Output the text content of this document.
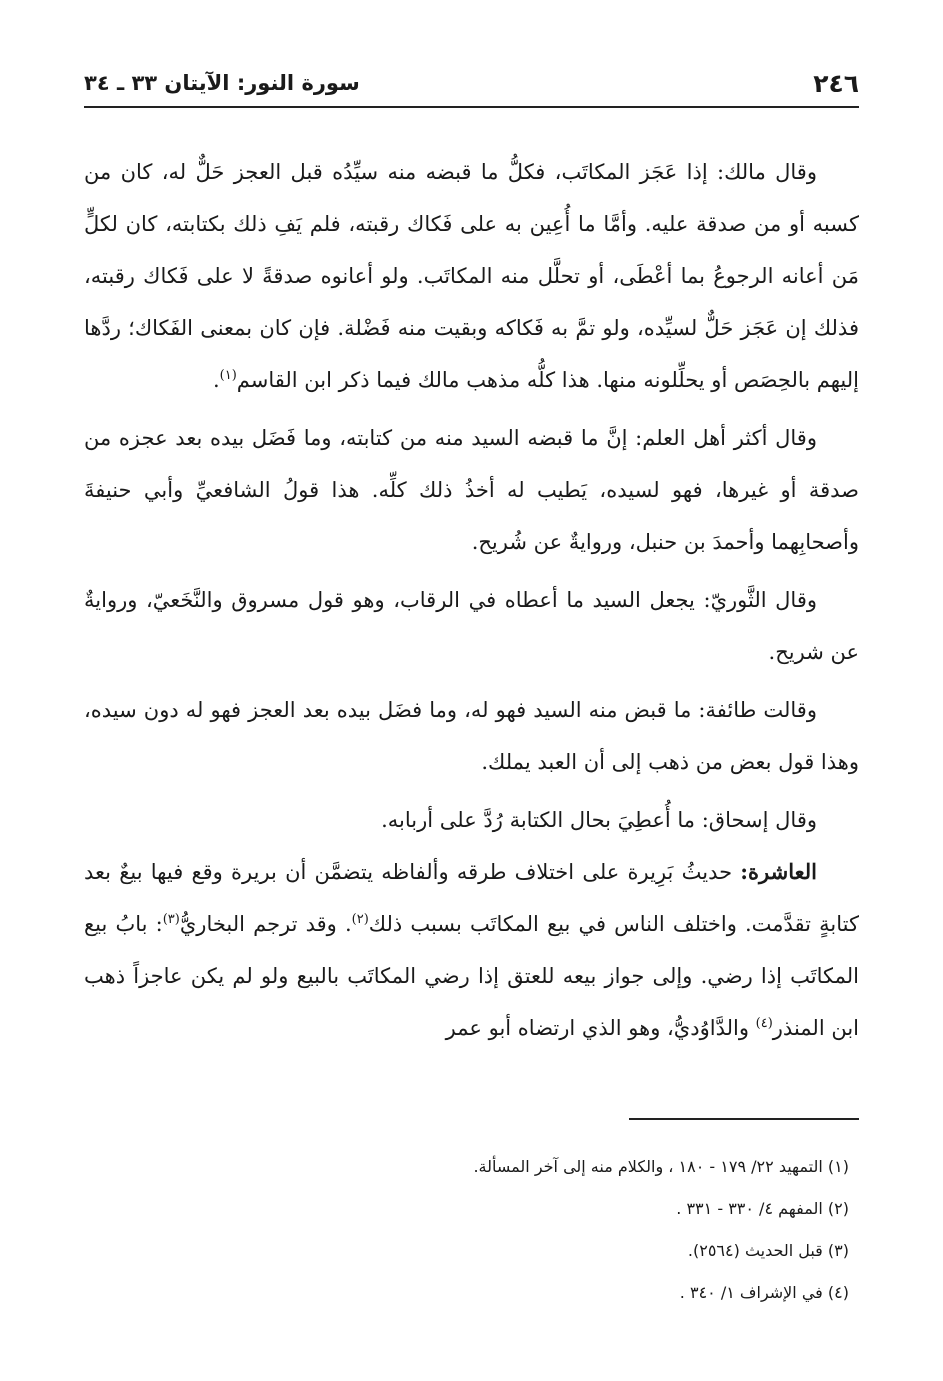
٢٤٦
سورة النور: الآيتان ٣٣ ـ ٣٤

وقال مالك: إذا عَجَز المكاتَب، فكلُّ ما قبضه منه سيِّدُه قبل العجز حَلٌّ له، كان من كسبه أو من صدقة عليه. وأمَّا ما أُعِين به على فَكاك رقبته، فلم يَفِ ذلك بكتابته، كان لكلٍّ مَن أعانه الرجوعُ بما أعْطَى، أو تحلَّل منه المكاتَب. ولو أعانوه صدقةً لا على فَكاك رقبته، فذلك إن عَجَز حَلٌّ لسيِّده، ولو تمَّ به فَكاكه وبقيت منه فَضْلة. فإن كان بمعنى الفَكاك؛ ردَّها إليهم بالحِصَص أو يحلِّلونه منها. هذا كلُّه مذهب مالك فيما ذكر ابن القاسم$^{(١)}$.

وقال أكثر أهل العلم: إنَّ ما قبضه السيد منه من كتابته، وما فَضَل بيده بعد عجزه من صدقة أو غيرها، فهو لسيده، يَطيب له أخذُ ذلك كلِّه. هذا قولُ الشافعيِّ وأبي حنيفةَ وأصحابِهما وأحمدَ بن حنبل، وروايةٌ عن شُريح.

وقال الثَّوريّ: يجعل السيد ما أعطاه في الرقاب، وهو قول مسروق والنَّخَعيّ، وروايةٌ عن شريح.

وقالت طائفة: ما قبض منه السيد فهو له، وما فضَل بيده بعد العجز فهو له دون سيده، وهذا قول بعض من ذهب إلى أن العبد يملك.

وقال إسحاق: ما أُعطِيَ بحال الكتابة رُدَّ على أربابه.

العاشرة: حديثُ بَرِيرة على اختلاف طرقه وألفاظه يتضمَّن أن بريرة وقع فيها بيعٌ بعد كتابةٍ تقدَّمت. واختلف الناس في بيع المكاتَب بسبب ذلك$^{(٢)}$. وقد ترجم البخاريُّ$^{(٣)}$: بابُ بيع المكاتَب إذا رضي. وإلى جواز بيعه للعتق إذا رضي المكاتَب بالبيع ولو لم يكن عاجزاً ذهب ابن المنذر$^{(٤)}$ والدَّاوُديُّ، وهو الذي ارتضاه أبو عمر

(١) التمهيد ٢٢/ ١٧٩ - ١٨٠ ، والكلام منه إلى آخر المسألة.
(٢) المفهم ٤/ ٣٣٠ - ٣٣١ .
(٣) قبل الحديث (٢٥٦٤).
(٤) في الإشراف ١/ ٣٤٠ .
